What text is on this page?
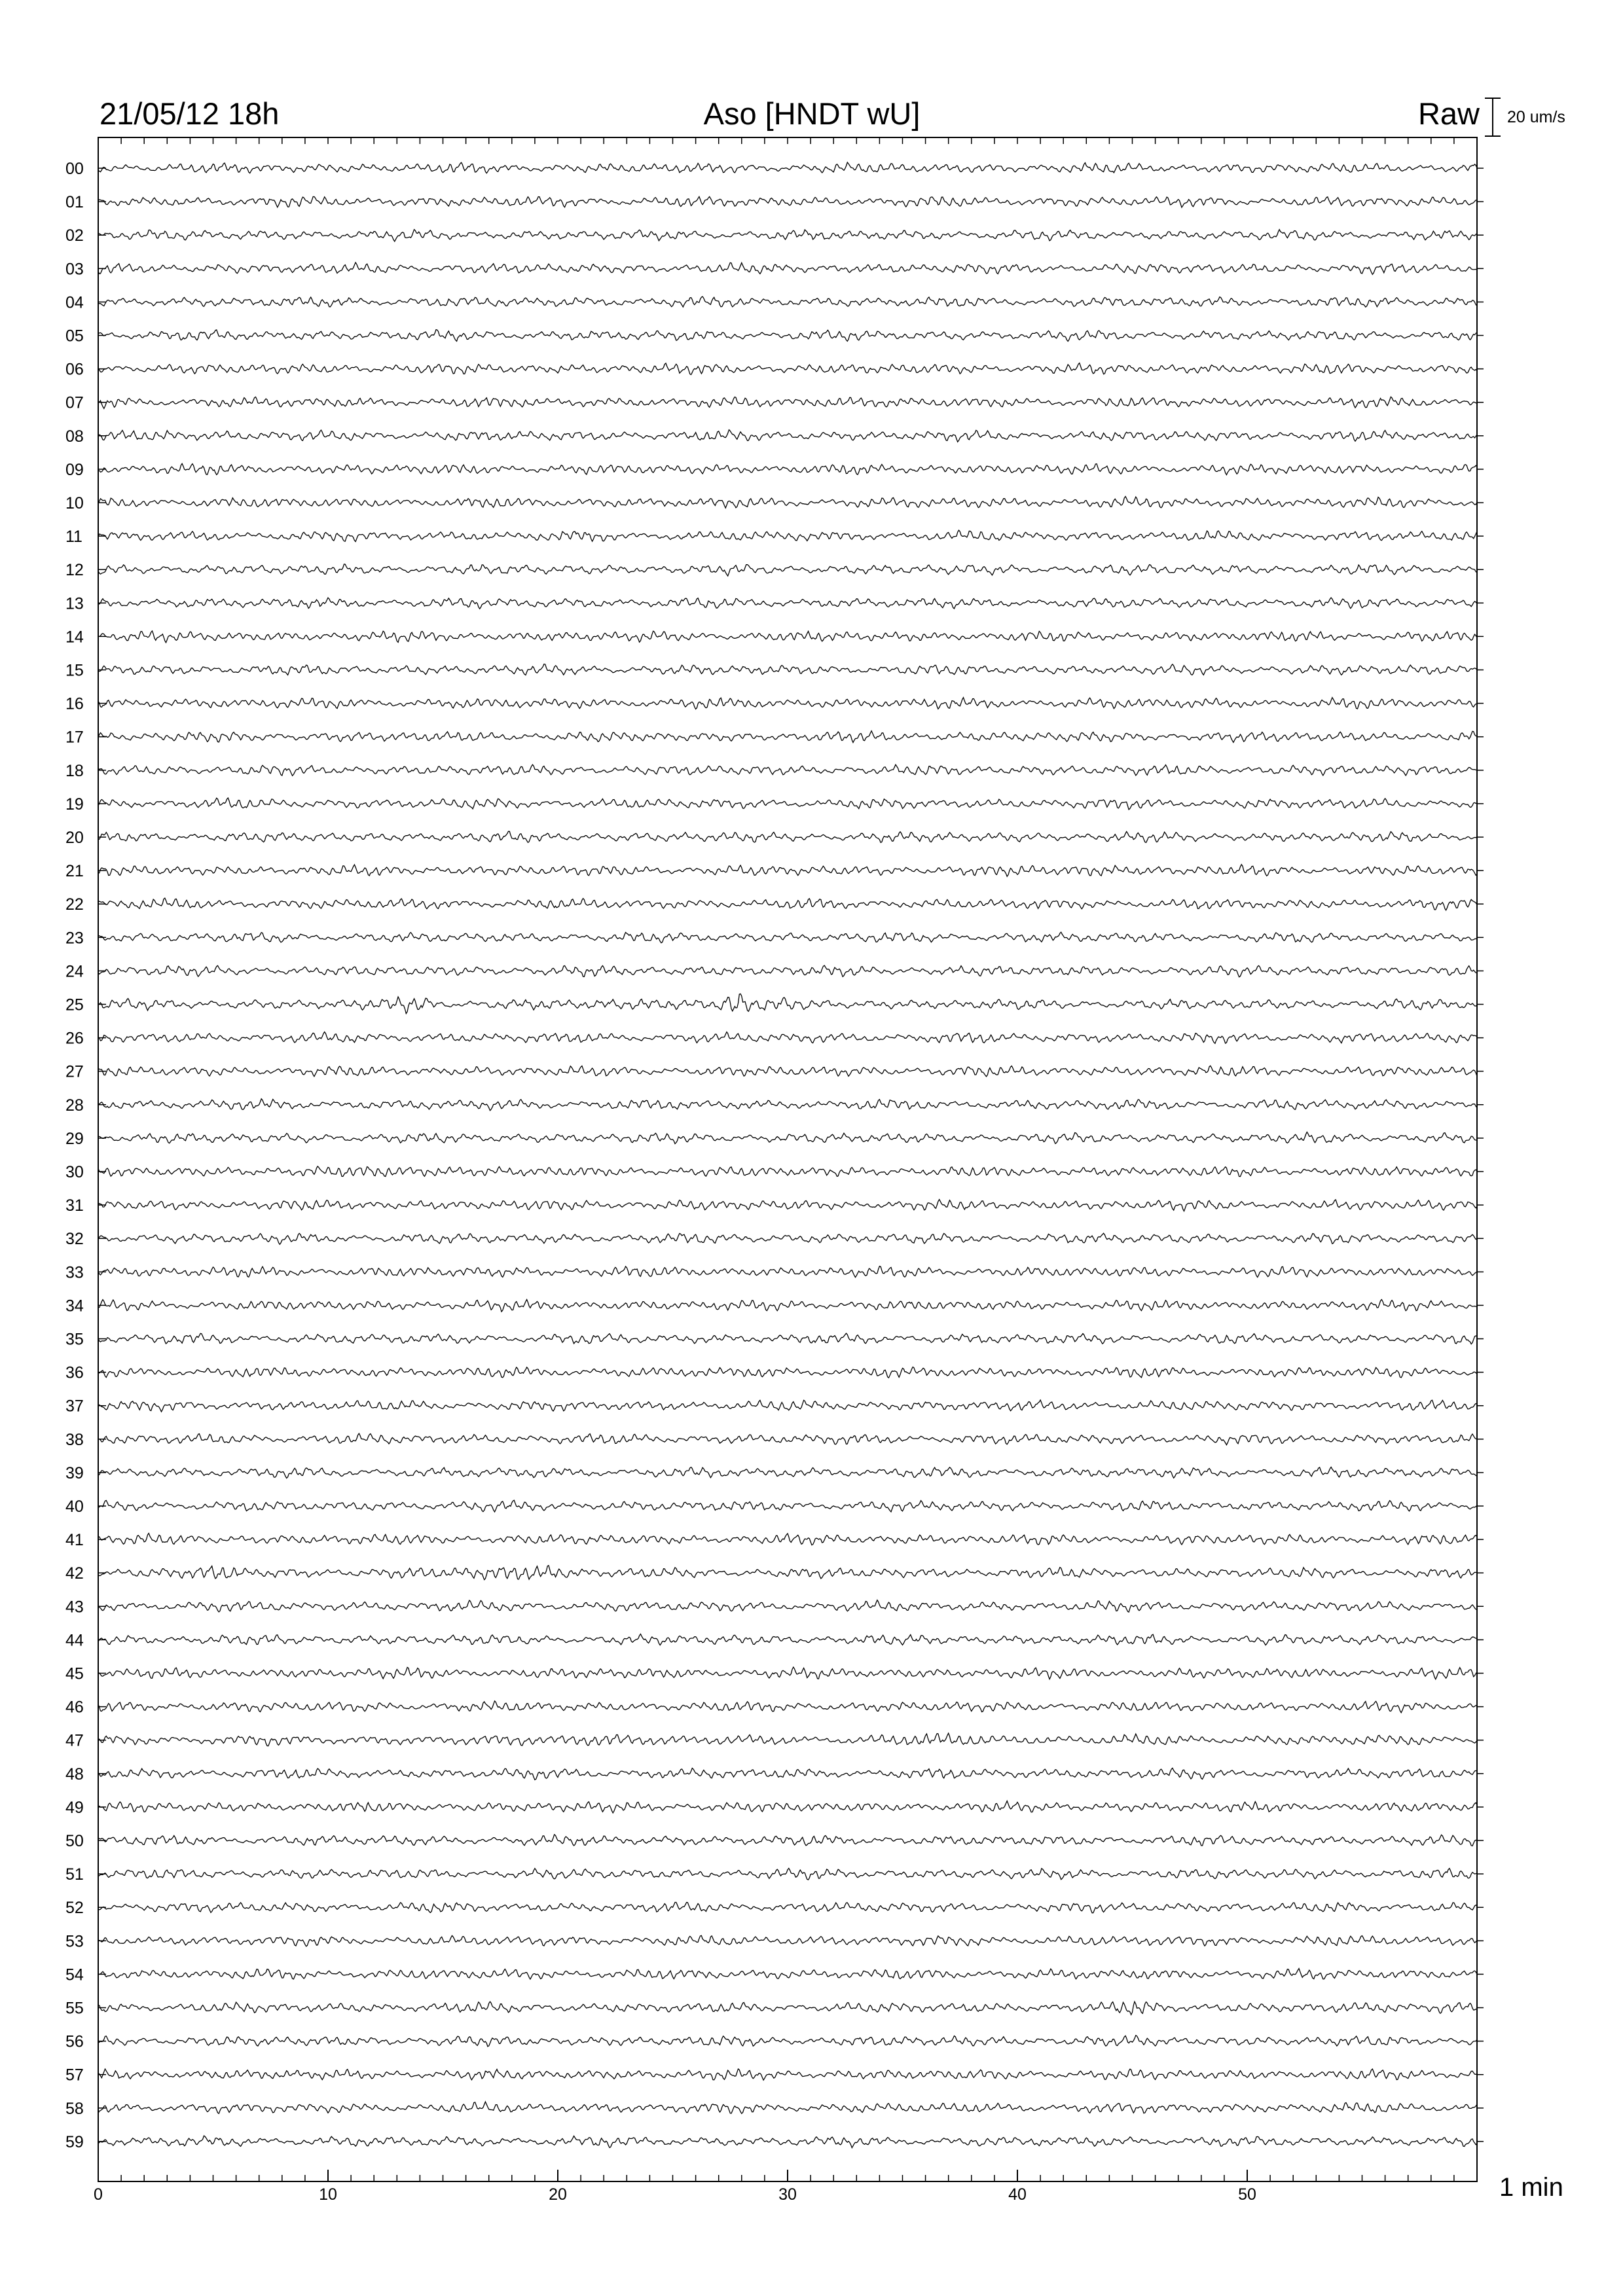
21/05/12 18h	Aso [HNDT wU]	Raw 20 um/s
00
01
02
03
04
05
06
07
08
09
10
11
12
13
14
15
16
17
18
19
20
21
22
23
24
25
26
27
28
29
30
31
32
33
34
35
36
37
38
39
40
41
42
43
44
45
46
47
48
49
50
51
52
53
54
55
56
57
58
59
0	10	20	30	40	50	1 min
